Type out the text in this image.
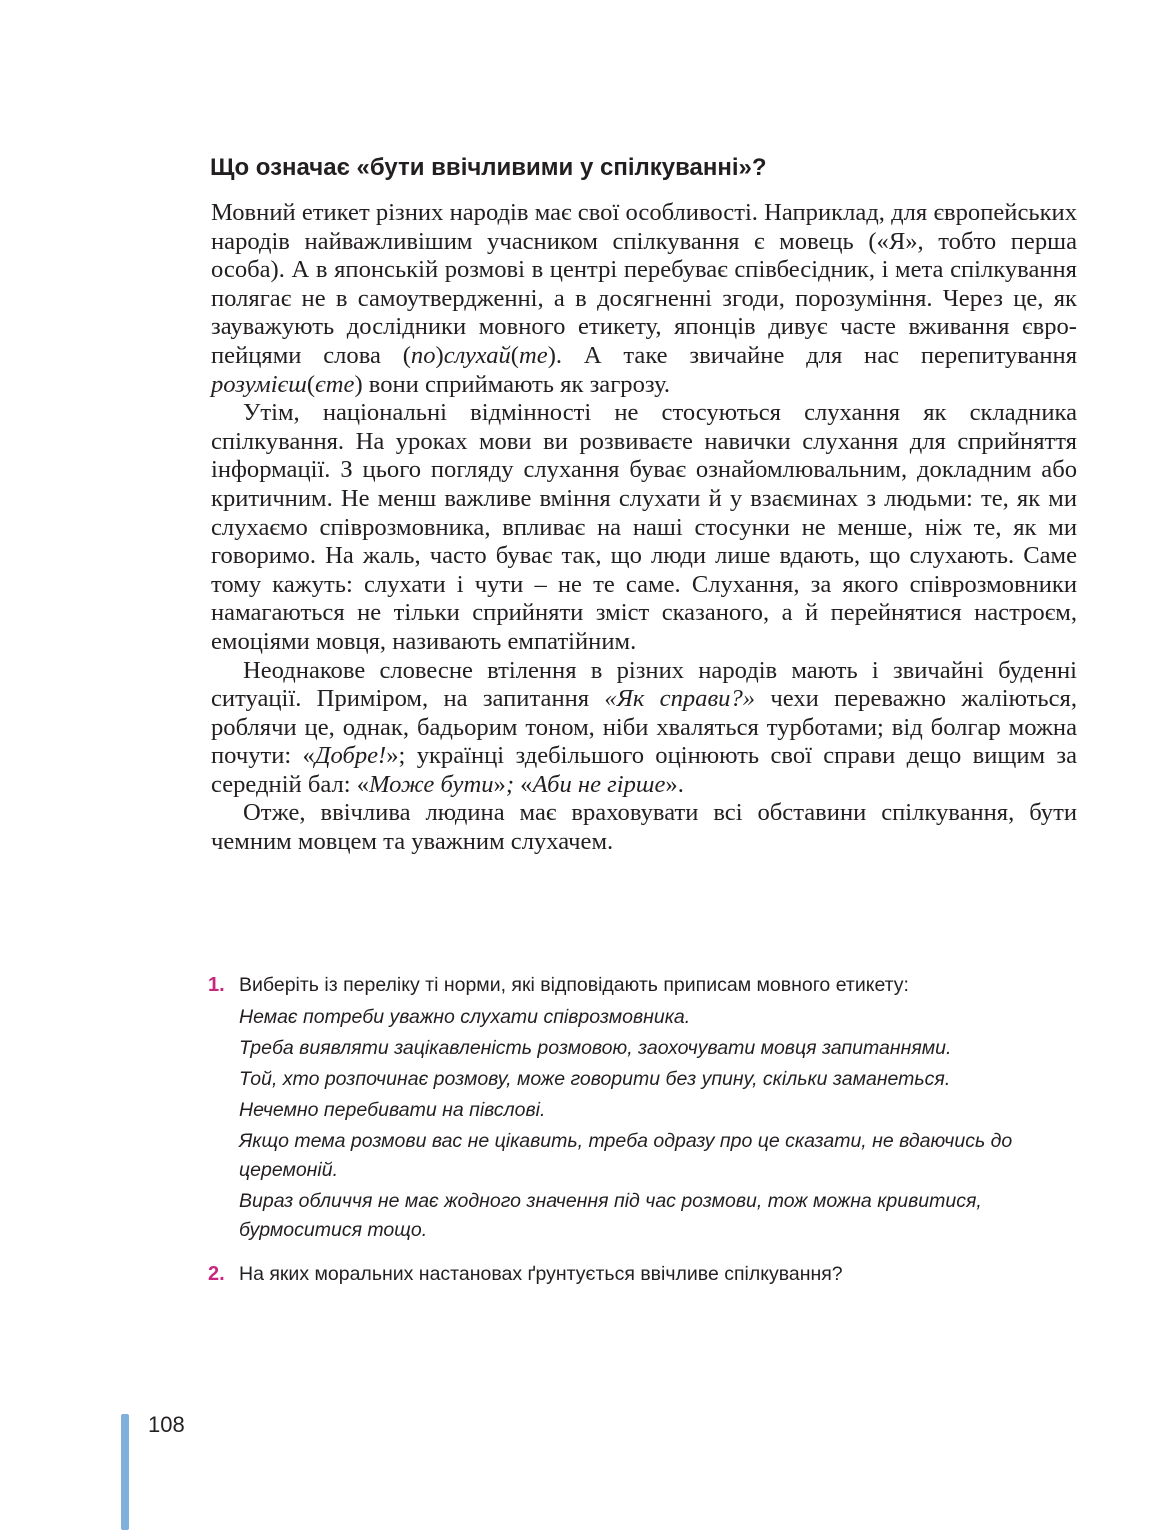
Що означає «бути ввічливими у спілкуванні»?

Мовний етикет різних народів має свої особливості. Наприклад, для європейських народів найважливішим учасником спілкування є мовець («Я», тобто перша особа). А в японській розмові в центрі перебуває співбесідник, і мета спілкування полягає не в самоутвердженні, а в досягненні згоди, порозуміння. Через це, як зауважують дослідники мовного етикету, японців дивує часте вживання європейцями слова (по)слухай(те). А таке звичайне для нас перепитування розумієш(єте) вони сприймають як загрозу.

Утім, національні відмінності не стосуються слухання як складника спілкування. На уроках мови ви розвиваєте навички слухання для сприйняття інформації. З цього погляду слухання буває ознайомлювальним, докладним або критичним. Не менш важливе вміння слухати й у взаєминах з людьми: те, як ми слухаємо співрозмовника, впливає на наші стосунки не менше, ніж те, як ми говоримо. На жаль, часто буває так, що люди лише вдають, що слухають. Саме тому кажуть: слухати і чути – не те саме. Слухання, за якого співрозмовники намагаються не тільки сприйняти зміст сказаного, а й перейнятися настроєм, емоціями мовця, називають емпатійним.

Неоднакове словесне втілення в різних народів мають і звичайні буденні ситуації. Приміром, на запитання «Як справи?» чехи переважно жаліються, роблячи це, однак, бадьорим тоном, ніби хваляться турботами; від болгар можна почути: «Добре!»; українці здебільшого оцінюють свої справи дещо вищим за середній бал: «Може бути»; «Аби не гірше».

Отже, ввічлива людина має враховувати всі обставини спілкування, бути чемним мовцем та уважним слухачем.

1. Виберіть із переліку ті норми, які відповідають приписам мовного етикету:
Немає потреби уважно слухати співрозмовника.
Треба виявляти зацікавленість розмовою, заохочувати мовця запитаннями.
Той, хто розпочинає розмову, може говорити без упину, скільки заманеться.
Нечемно перебивати на півслові.
Якщо тема розмови вас не цікавить, треба одразу про це сказати, не вдаючись до церемоній.
Вираз обличчя не має жодного значення під час розмови, тож можна кривитися, бурмоситися тощо.
2. На яких моральних настановах ґрунтується ввічливе спілкування?
108
